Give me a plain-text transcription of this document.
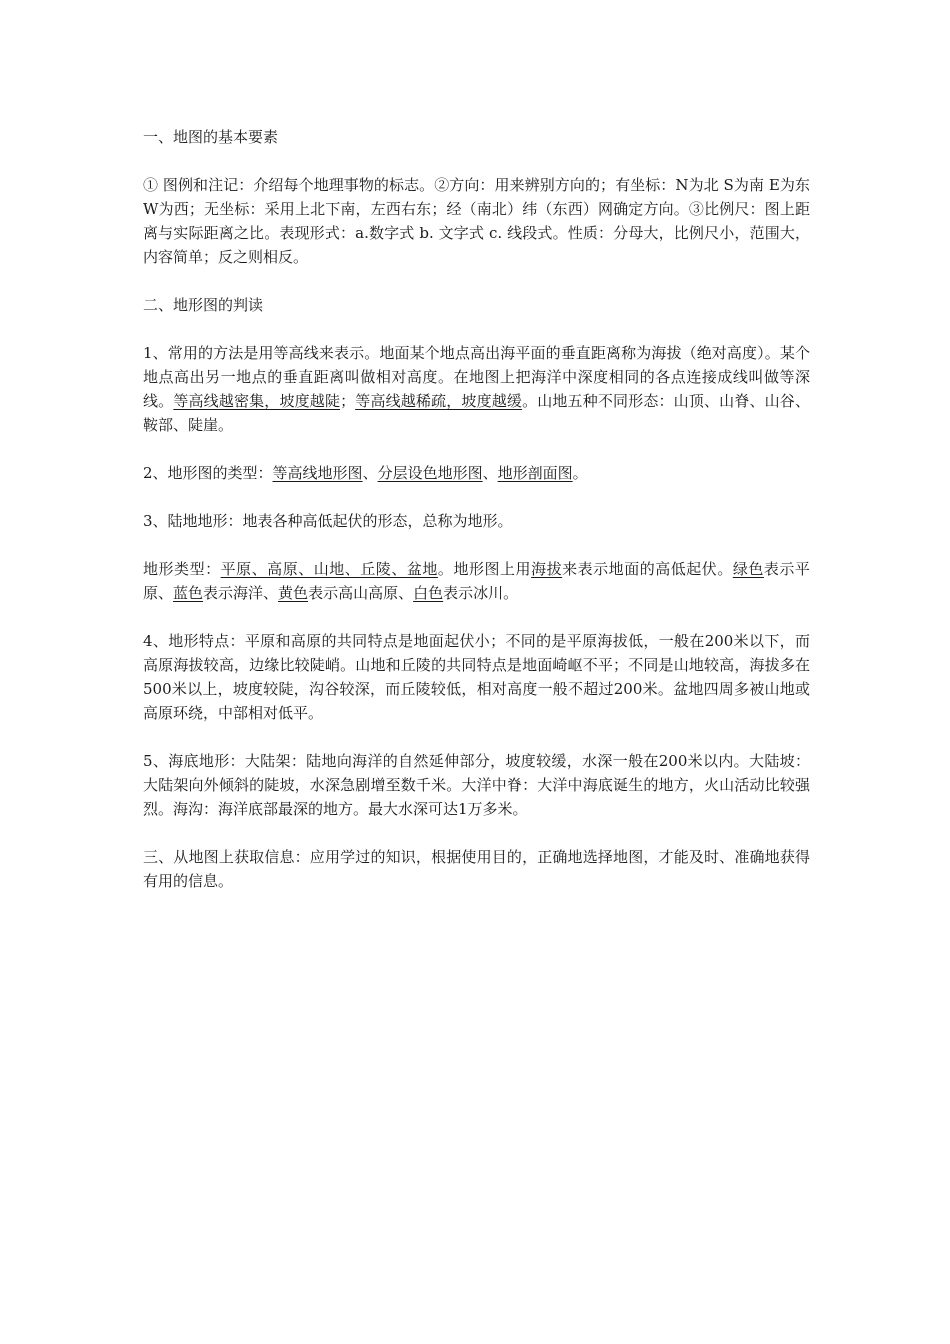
一、地图的基本要素

① 图例和注记：介绍每个地理事物的标志。②方向：用来辨别方向的；有坐标：N为北 S为南 E为东 W为西；无坐标：采用上北下南，左西右东；经（南北）纬（东西）网确定方向。③比例尺：图上距离与实际距离之比。表现形式：a.数字式 b. 文字式 c. 线段式。性质：分母大，比例尺小，范围大，内容简单；反之则相反。

二、地形图的判读

1、常用的方法是用等高线来表示。地面某个地点高出海平面的垂直距离称为海拔（绝对高度）。某个地点高出另一地点的垂直距离叫做相对高度。在地图上把海洋中深度相同的各点连接成线叫做等深线。等高线越密集，坡度越陡；等高线越稀疏，坡度越缓。山地五种不同形态：山顶、山脊、山谷、鞍部、陡崖。

2、地形图的类型：等高线地形图、分层设色地形图、地形剖面图。

3、陆地地形：地表各种高低起伏的形态，总称为地形。

地形类型：平原、高原、山地、丘陵、盆地。地形图上用海拔来表示地面的高低起伏。绿色表示平原、蓝色表示海洋、黄色表示高山高原、白色表示冰川。

4、地形特点：平原和高原的共同特点是地面起伏小；不同的是平原海拔低，一般在200米以下，而高原海拔较高，边缘比较陡峭。山地和丘陵的共同特点是地面崎岖不平；不同是山地较高，海拔多在500米以上，坡度较陡，沟谷较深，而丘陵较低，相对高度一般不超过200米。盆地四周多被山地或高原环绕，中部相对低平。

5、海底地形：大陆架：陆地向海洋的自然延伸部分，坡度较缓，水深一般在200米以内。大陆坡：大陆架向外倾斜的陡坡，水深急剧增至数千米。大洋中脊：大洋中海底诞生的地方，火山活动比较强烈。海沟：海洋底部最深的地方。最大水深可达1万多米。

三、从地图上获取信息：应用学过的知识，根据使用目的，正确地选择地图，才能及时、准确地获得有用的信息。
